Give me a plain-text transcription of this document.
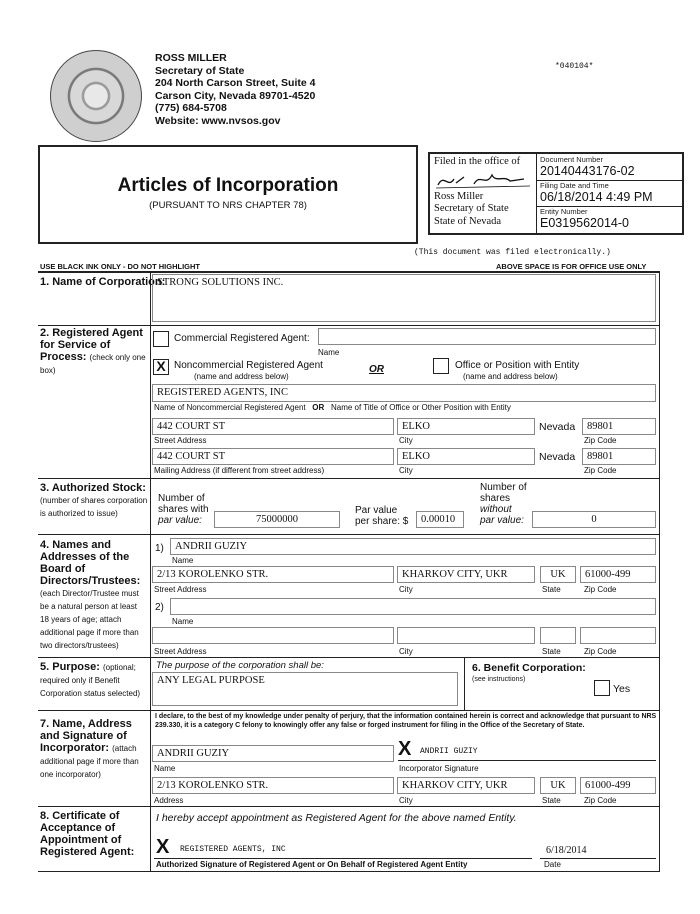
ROSS MILLER
Secretary of State
204 North Carson Street, Suite 4
Carson City, Nevada 89701-4520
(775) 684-5708
Website: www.nvsos.gov
*040104*
Articles of Incorporation
(PURSUANT TO NRS CHAPTER 78)
Filed in the office of
Ross Miller
Secretary of State
State of Nevada
Document Number
20140443176-02
Filing Date and Time
06/18/2014 4:49 PM
Entity Number
E0319562014-0
(This document was filed electronically.)
USE BLACK INK ONLY - DO NOT HIGHLIGHT	ABOVE SPACE IS FOR OFFICE USE ONLY
1. Name of Corporation:
STRONG SOLUTIONS INC.
2. Registered Agent for Service of Process: (check only one box)
Commercial Registered Agent:
Name
X Noncommercial Registered Agent
(name and address below)
OR	Office or Position with Entity
(name and address below)
REGISTERED AGENTS, INC
Name of Noncommercial Registered Agent OR Name of Title of Office or Other Position with Entity
442 COURT ST	ELKO	Nevada	89801
Street Address	City	Zip Code
442 COURT ST	ELKO	Nevada	89801
Mailing Address (if different from street address)	City	Zip Code
3. Authorized Stock: (number of shares corporation is authorized to issue)
Number of
shares with
par value:	75000000
Par value
per share: $	0.00010
Number of
shares
without
par value:	0
4. Names and Addresses of the Board of Directors/Trustees: (each Director/Trustee must be a natural person at least 18 years of age; attach additional page if more than two directors/trustees)
1)	ANDRII GUZIY
Name
2/13 KOROLENKO STR.	KHARKOV CITY, UKR	UK	61000-499
Street Address	City	State	Zip Code
2)
Name
Street Address	City	State	Zip Code
5. Purpose: (optional; required only if Benefit Corporation status selected)
The purpose of the corporation shall be:
ANY LEGAL PURPOSE
6. Benefit Corporation:
(see instructions)
Yes
7. Name, Address and Signature of Incorporator: (attach additional page if more than one incorporator)
I declare, to the best of my knowledge under penalty of perjury, that the information contained herein is correct and acknowledge that pursuant to NRS 239.330, it is a category C felony to knowingly offer any false or forged instrument for filing in the Office of the Secretary of State.
ANDRII GUZIY	X ANDRII GUZIY
Name	Incorporator Signature
2/13 KOROLENKO STR.	KHARKOV CITY, UKR	UK	61000-499
Address	City	State	Zip Code
8. Certificate of Acceptance of Appointment of Registered Agent:
I hereby accept appointment as Registered Agent for the above named Entity.
X REGISTERED AGENTS, INC	6/18/2014
Authorized Signature of Registered Agent or On Behalf of Registered Agent Entity	Date
